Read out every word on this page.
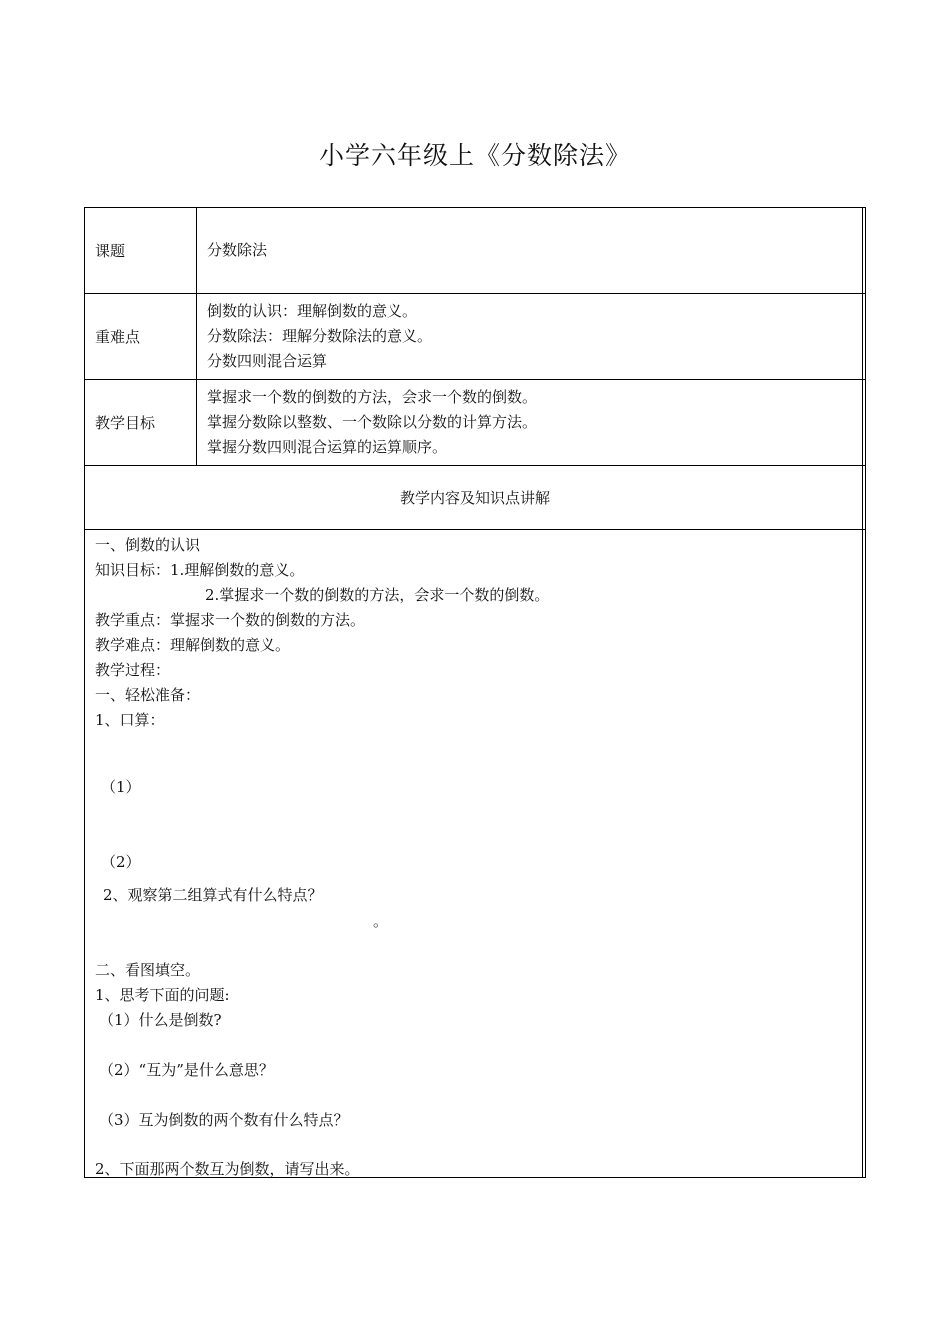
小学六年级上《分数除法》
课题	分数除法
重难点
倒数的认识：理解倒数的意义。
分数除法：理解分数除法的意义。
分数四则混合运算
教学目标
掌握求一个数的倒数的方法，会求一个数的倒数。
掌握分数除以整数、一个数除以分数的计算方法。
掌握分数四则混合运算的运算顺序。
教学内容及知识点讲解
一、倒数的认识
知识目标：1.理解倒数的意义。
2.掌握求一个数的倒数的方法，会求一个数的倒数。
教学重点：掌握求一个数的倒数的方法。
教学难点：理解倒数的意义。
教学过程：
一、轻松准备：
1、口算：
（1）
（2）
2、观察第二组算式有什么特点？
。
二、看图填空。
1、思考下面的问题:
（1）什么是倒数?
（2）“互为”是什么意思？
（3）互为倒数的两个数有什么特点？
2、下面那两个数互为倒数，请写出来。
